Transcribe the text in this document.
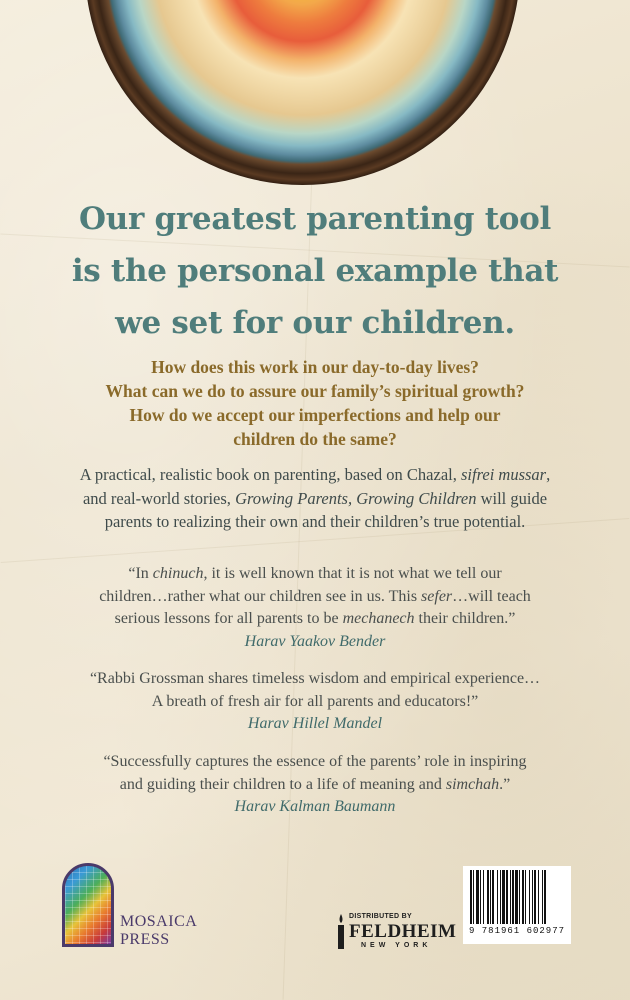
Our greatest parenting tool
is the personal example that
we set for our children.
How does this work in our day-to-day lives?
What can we do to assure our family’s spiritual growth?
How do we accept our imperfections and help our
children do the same?
A practical, realistic book on parenting, based on Chazal, sifrei mussar,
and real-world stories, Growing Parents, Growing Children will guide
parents to realizing their own and their children’s true potential.
“In chinuch, it is well known that it is not what we tell our
children…rather what our children see in us. This sefer…will teach
serious lessons for all parents to be mechanech their children.”
Harav Yaakov Bender
“Rabbi Grossman shares timeless wisdom and empirical experience…
A breath of fresh air for all parents and educators!”
Harav Hillel Mandel
“Successfully captures the essence of the parents’ role in inspiring
and guiding their children to a life of meaning and simchah.”
Harav Kalman Baumann
MOSAICA
PRESS
DISTRIBUTED BY
FELDHEIM
NEW YORK
9 781961 602977
